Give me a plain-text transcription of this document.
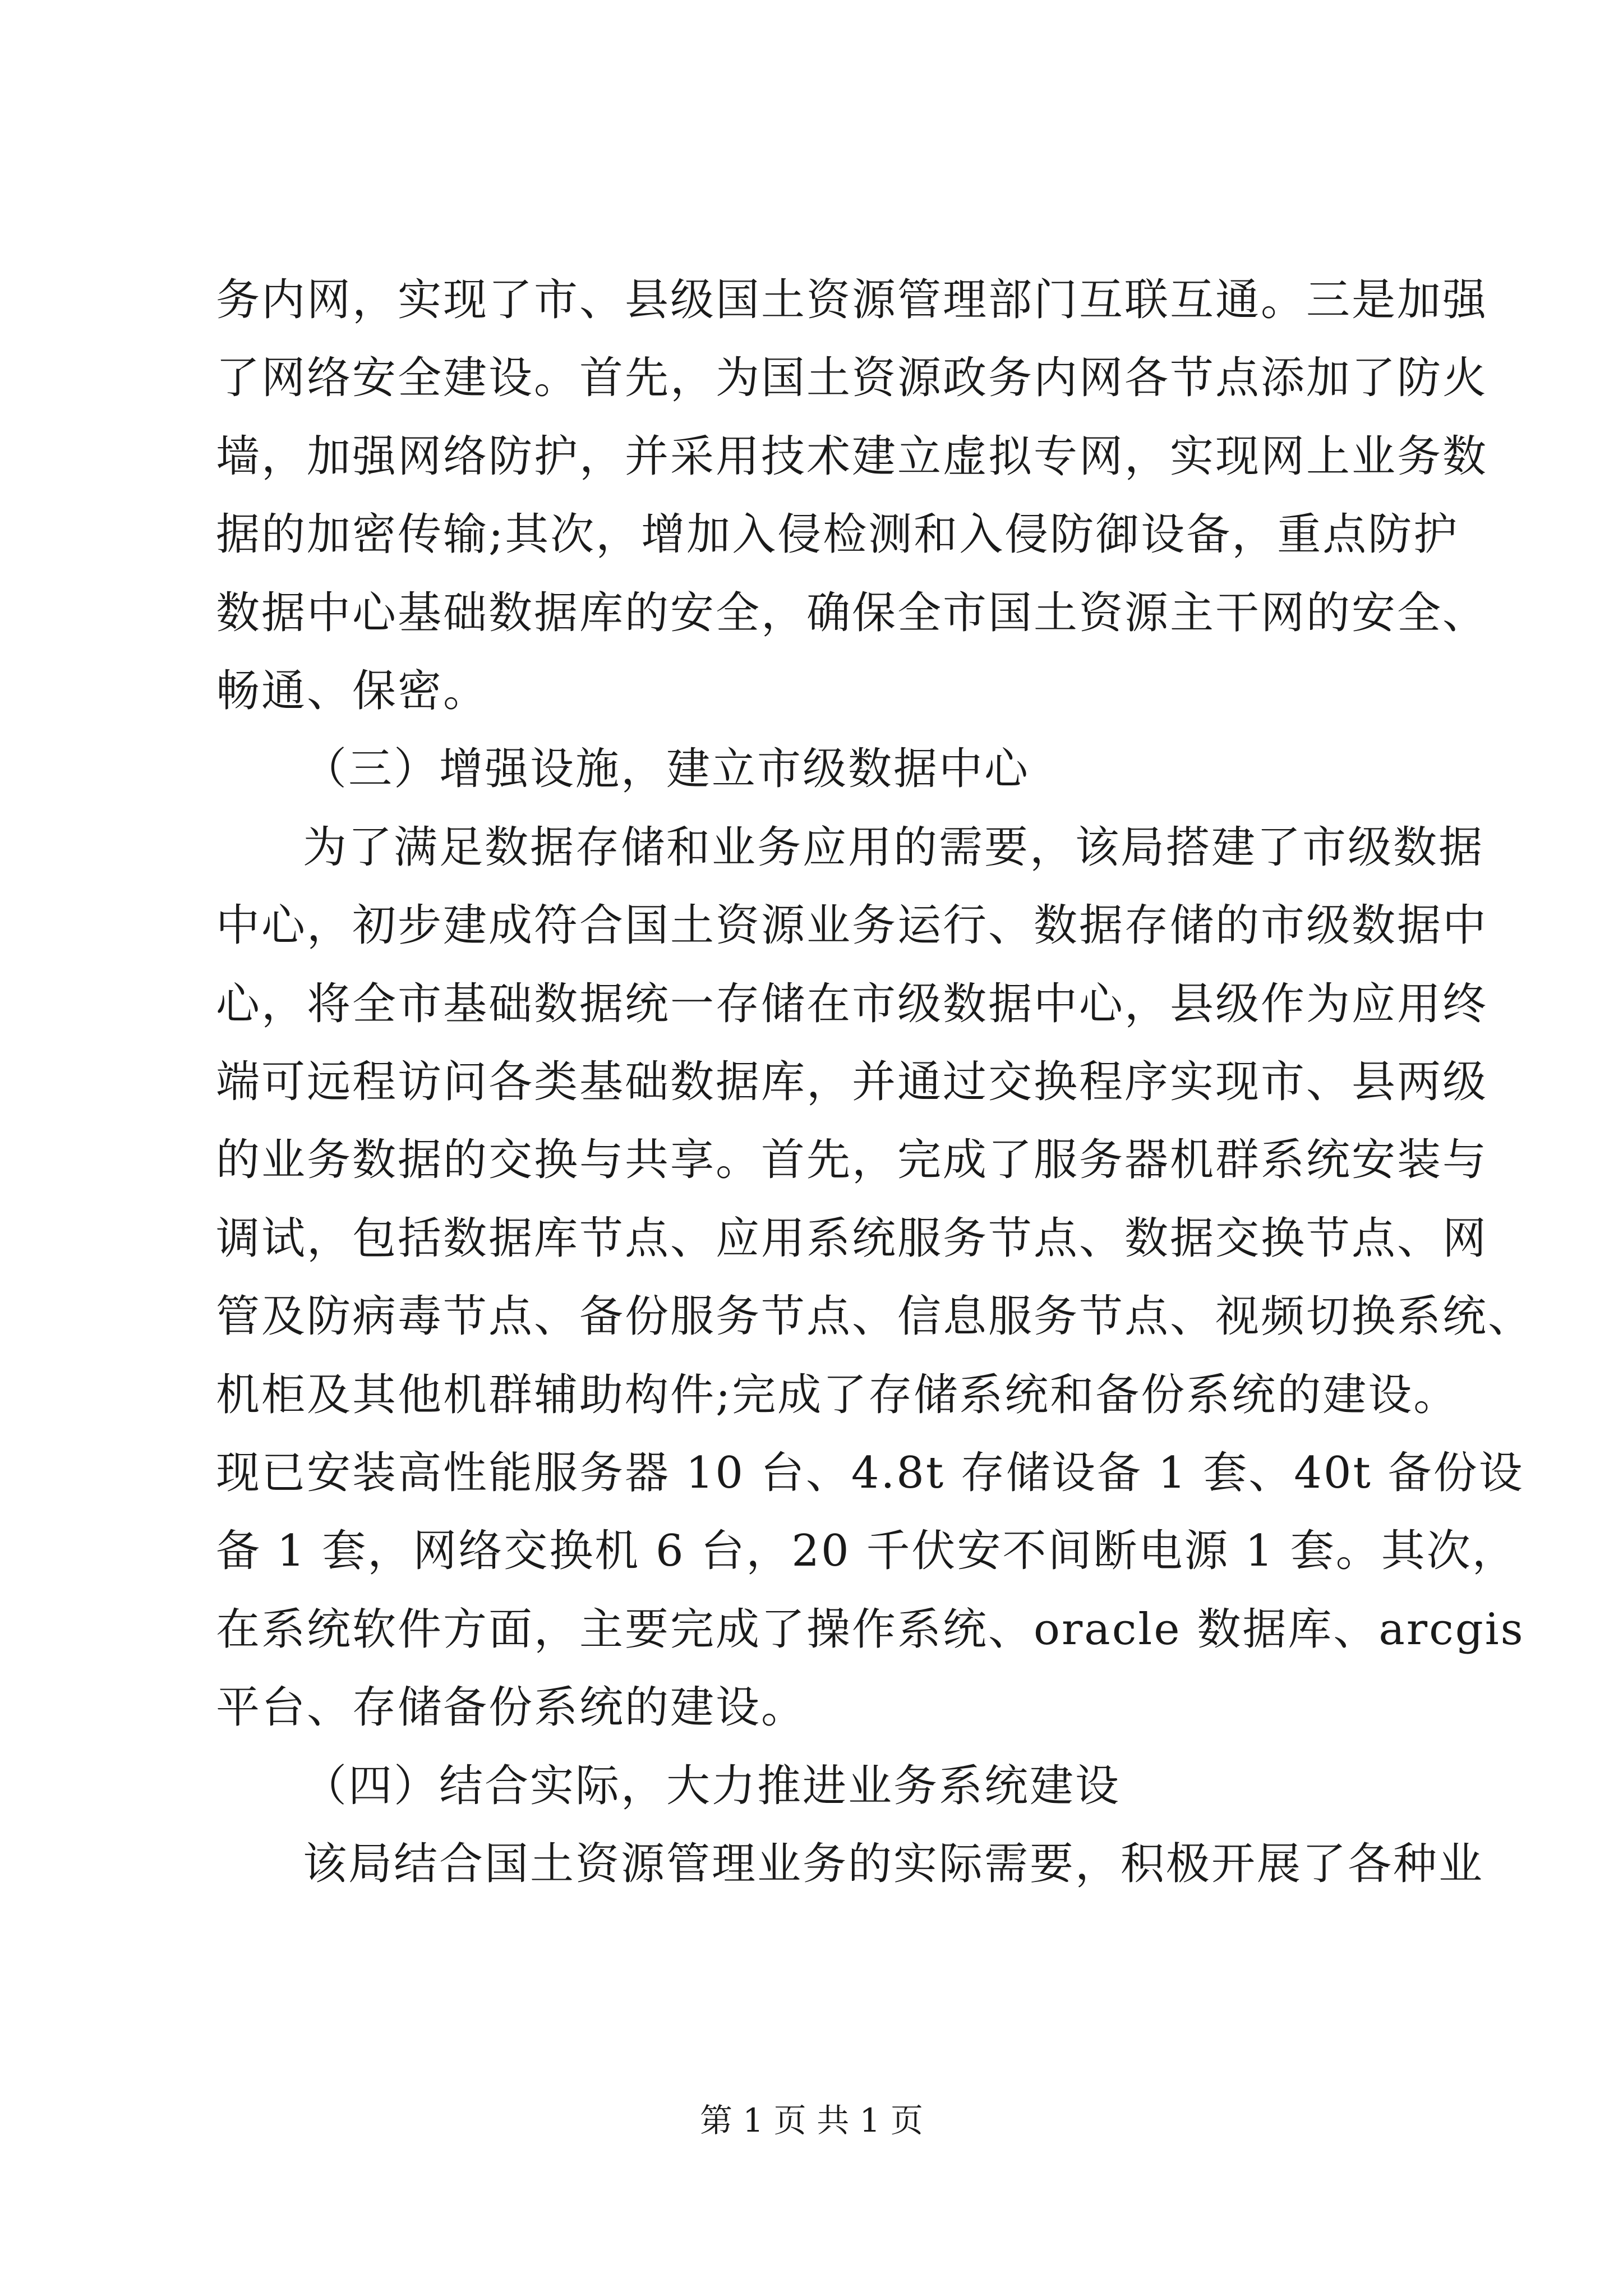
务内网，实现了市、县级国土资源管理部门互联互通。三是加强
了网络安全建设。首先，为国土资源政务内网各节点添加了防火
墙，加强网络防护，并采用技术建立虚拟专网，实现网上业务数
据的加密传输;其次，增加入侵检测和入侵防御设备，重点防护
数据中心基础数据库的安全，确保全市国土资源主干网的安全、
畅通、保密。
（三）增强设施，建立市级数据中心
为了满足数据存储和业务应用的需要，该局搭建了市级数据
中心，初步建成符合国土资源业务运行、数据存储的市级数据中
心，将全市基础数据统一存储在市级数据中心，县级作为应用终
端可远程访问各类基础数据库，并通过交换程序实现市、县两级
的业务数据的交换与共享。首先，完成了服务器机群系统安装与
调试，包括数据库节点、应用系统服务节点、数据交换节点、网
管及防病毒节点、备份服务节点、信息服务节点、视频切换系统、
机柜及其他机群辅助构件;完成了存储系统和备份系统的建设。
现已安装高性能服务器 10 台、4.8t 存储设备 1 套、40t 备份设
备 1 套，网络交换机 6 台，20 千伏安不间断电源 1 套。其次，
在系统软件方面，主要完成了操作系统、oracle 数据库、arcgis
平台、存储备份系统的建设。
（四）结合实际，大力推进业务系统建设
该局结合国土资源管理业务的实际需要，积极开展了各种业
第 1 页 共 1 页
